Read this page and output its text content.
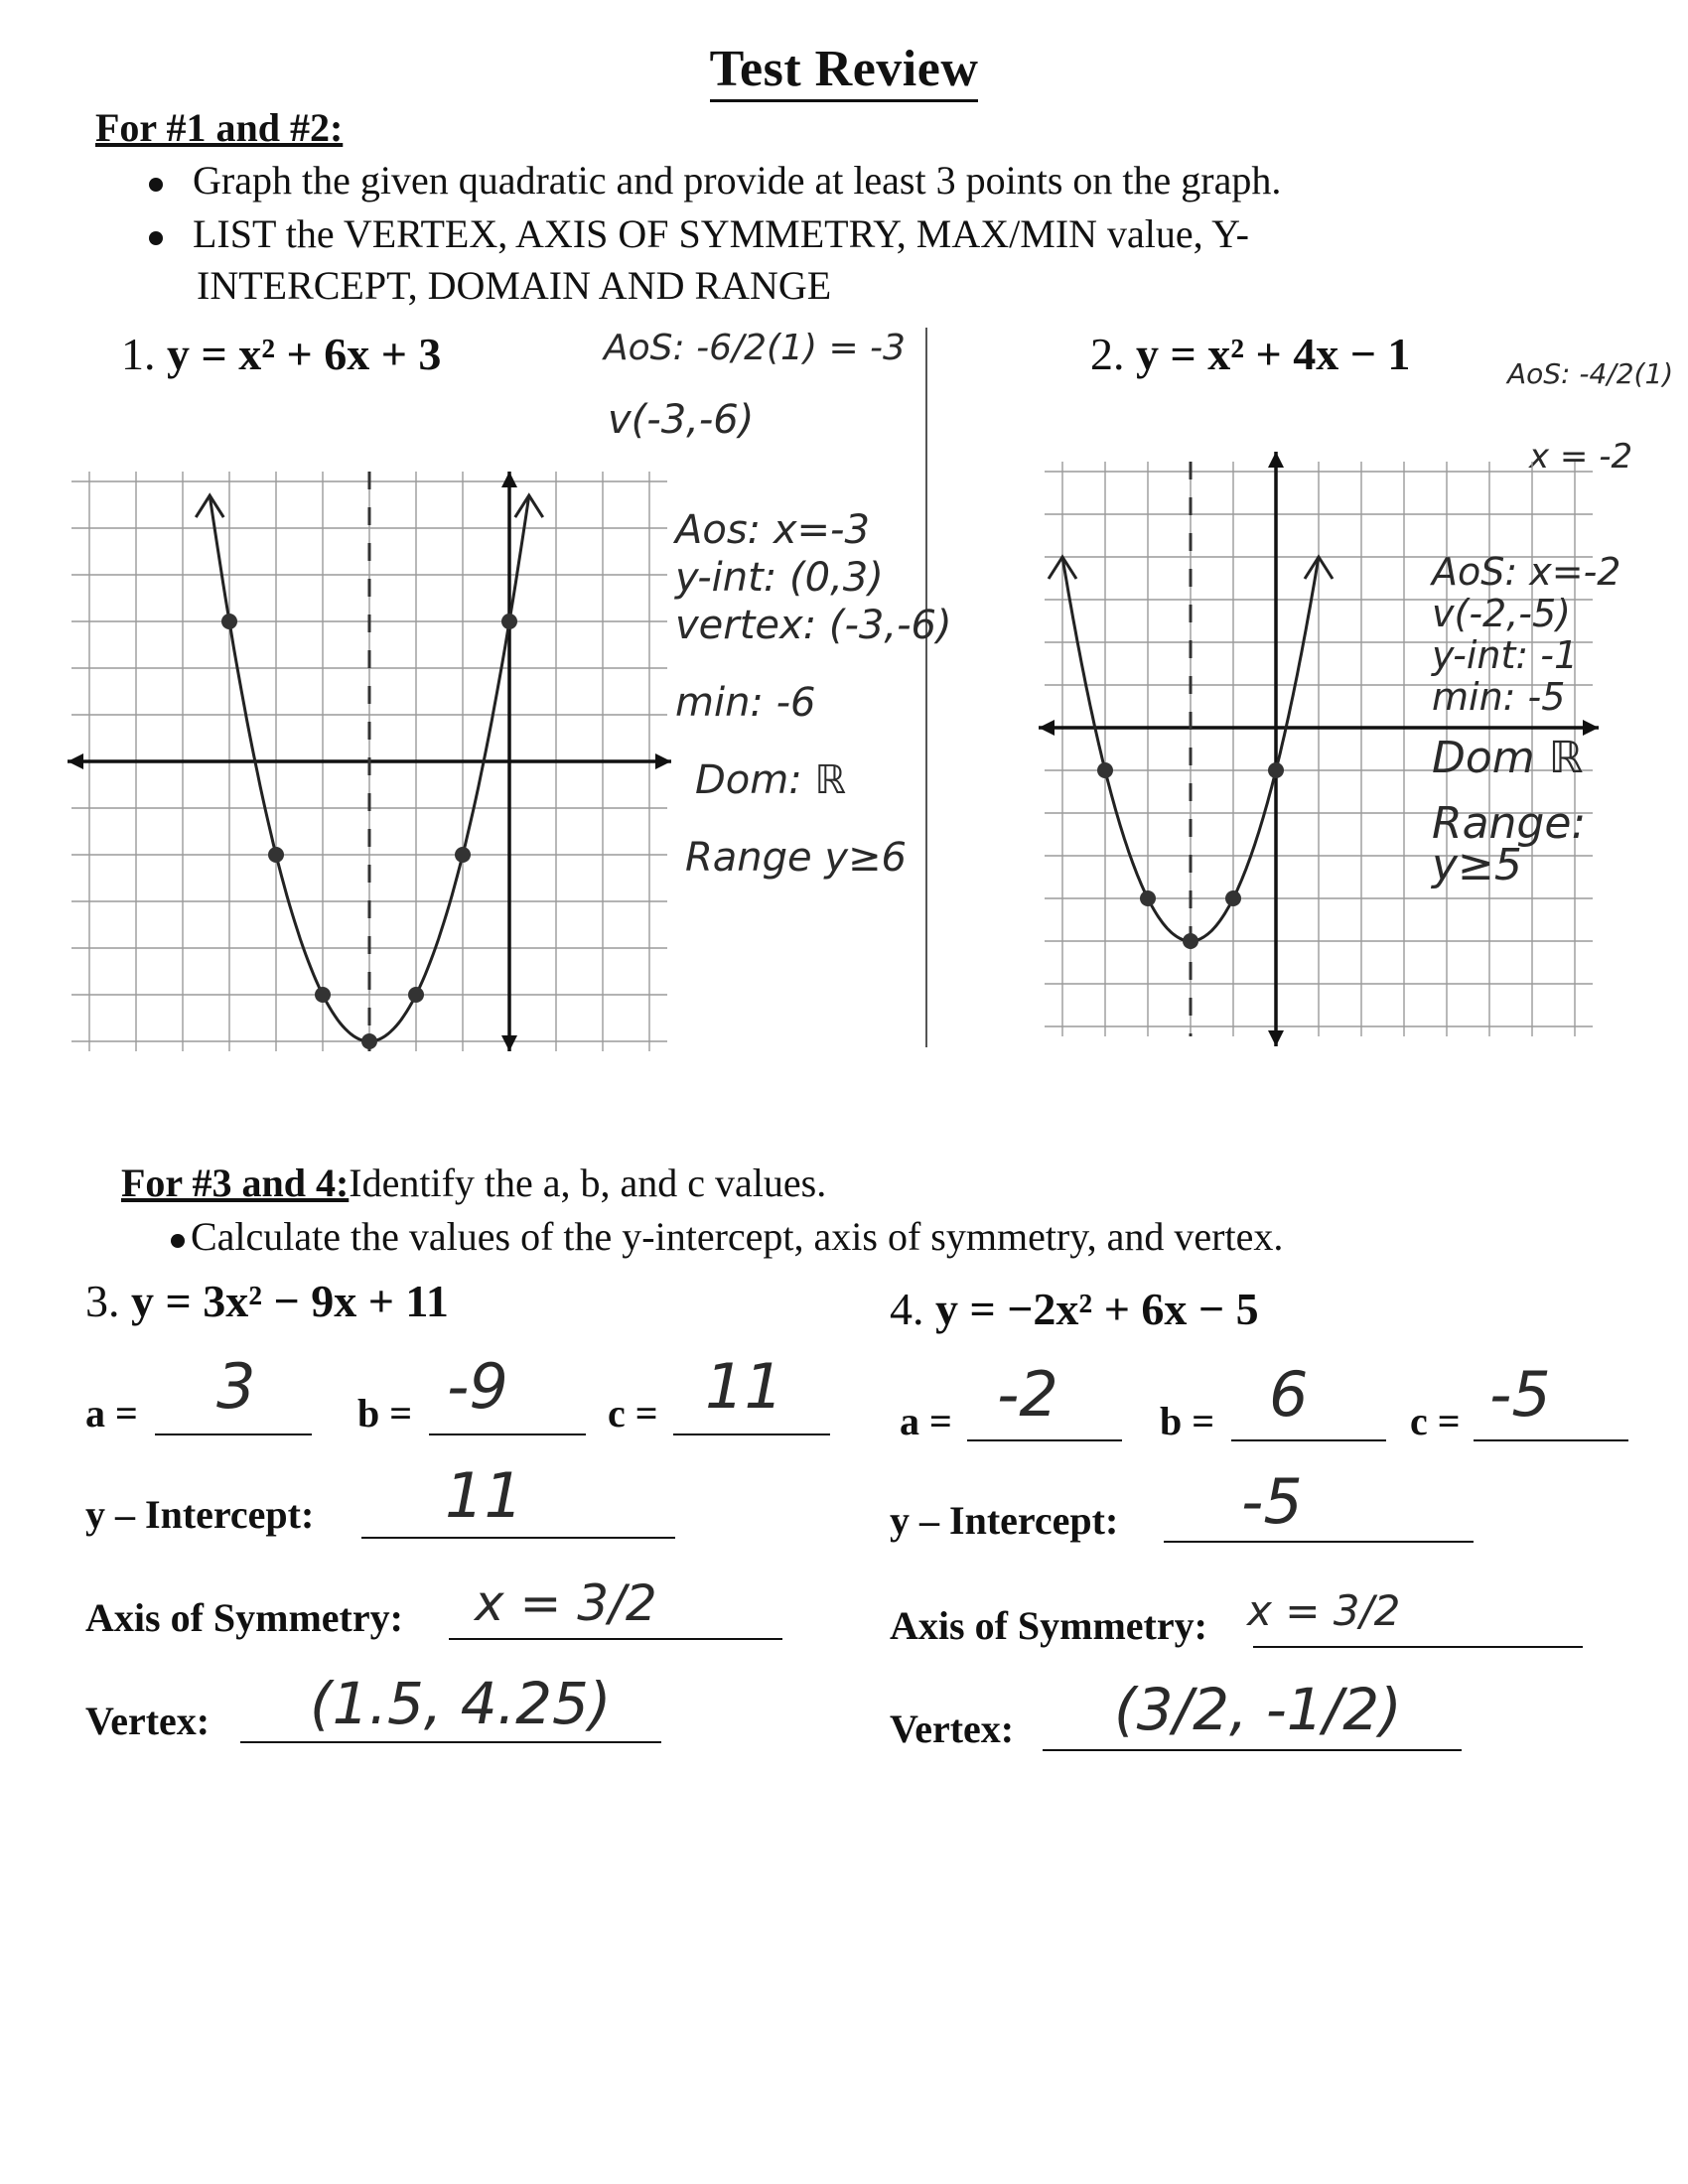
Test Review
For #1 and #2:
Graph the given quadratic and provide at least 3 points on the graph.
LIST the VERTEX, AXIS OF SYMMETRY, MAX/MIN value, Y-
INTERCEPT, DOMAIN AND RANGE
1. y = x² + 6x + 3	AoS: -6/2(1) = -3
v(-3,-6)
2. y = x² + 4x − 1	AoS: -4/2(1)
x = -2
Aos: x=-3
y-int: (0,3)
vertex: (-3,-6)
min: -6
Dom: ℝ
Range y≥6
AoS: x=-2
v(-2,-5)
y-int: -1
min: -5
Dom ℝ
Range: y≥5
For #3 and 4:Identify the a, b, and c values.
Calculate the values of the y-intercept, axis of symmetry, and vertex.
3. y = 3x² − 9x + 11
a = 3	b = -9	c = 11
y – Intercept: 11
Axis of Symmetry: x = 3/2
Vertex: (1.5, 4.25)
4. y = −2x² + 6x − 5
a = -2	b = 6	c = -5
y – Intercept: -5
Axis of Symmetry: x = 3/2
Vertex: (3/2, -1/2)
